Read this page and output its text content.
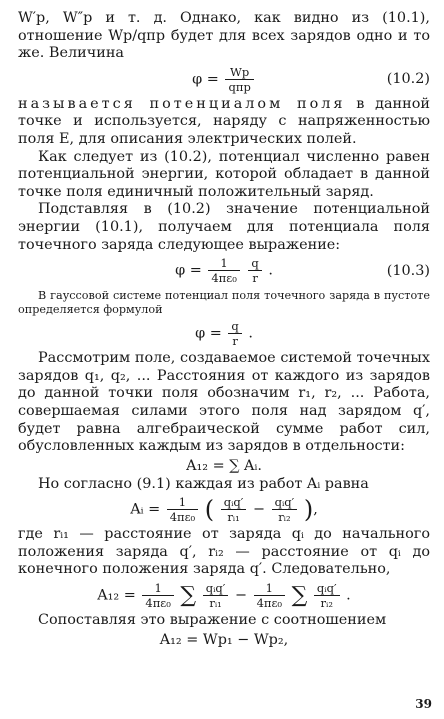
W′p, W″p и т. д. Однако, как видно из (10.1), отношение Wp/qпр будет для всех зарядов одно и то же. Величина

$\varphi = \frac{Wp}{\text{qпр}}$	(10.2)

называется потенциалом поля в данной точке и используется, наряду с напряженностью поля E, для описания электрических полей.

Как следует из (10.2), потенциал численно равен потенциальной энергии, которой обладает в данной точке поля единичный положительный заряд.

Подставляя в (10.2) значение потенциальной энергии (10.1), получаем для потенциала поля точечного заряда следующее выражение:

$\varphi = \frac{1}{\text{4πε₀}}$
$\frac{q}{r}$ .	(10.3)

В гауссовой системе потенциал поля точечного заряда в пустоте определяется формулой

$\varphi = \frac{q}{r}$ .

Рассмотрим поле, создаваемое системой точечных зарядов q₁, q₂, ... Расстояния от каждого из зарядов до данной точки поля обозначим r₁, r₂, ... Работа, совершаемая силами этого поля над зарядом q′, будет равна алгебраической сумме работ сил, обусловленных каждым из зарядов в отдельности:

A₁₂ = ∑ Aᵢ.

Но согласно (9.1) каждая из работ Aᵢ равна

Aᵢ = $\frac{1}{\text{4πε₀}}$ ( $\frac{\text{qᵢq′}}{\text{rᵢ₁}} - \frac{\text{qᵢq′}}{\text{rᵢ₂}}$ ),

где rᵢ₁ — расстояние от заряда qᵢ до начального положения заряда q′, rᵢ₂ — расстояние от qᵢ до конечного положения заряда q′. Следовательно,

$A_{12} = \frac{1}{\text{4πε₀}}$ ∑ $\frac{\text{qᵢq′}}{\text{rᵢ₁}} - \frac{1}{\text{4πε₀}}$ ∑ $\frac{\text{qᵢq′}}{\text{rᵢ₂}}$ .

Сопоставляя это выражение с соотношением

A₁₂ = Wp₁ − Wp₂,
39
